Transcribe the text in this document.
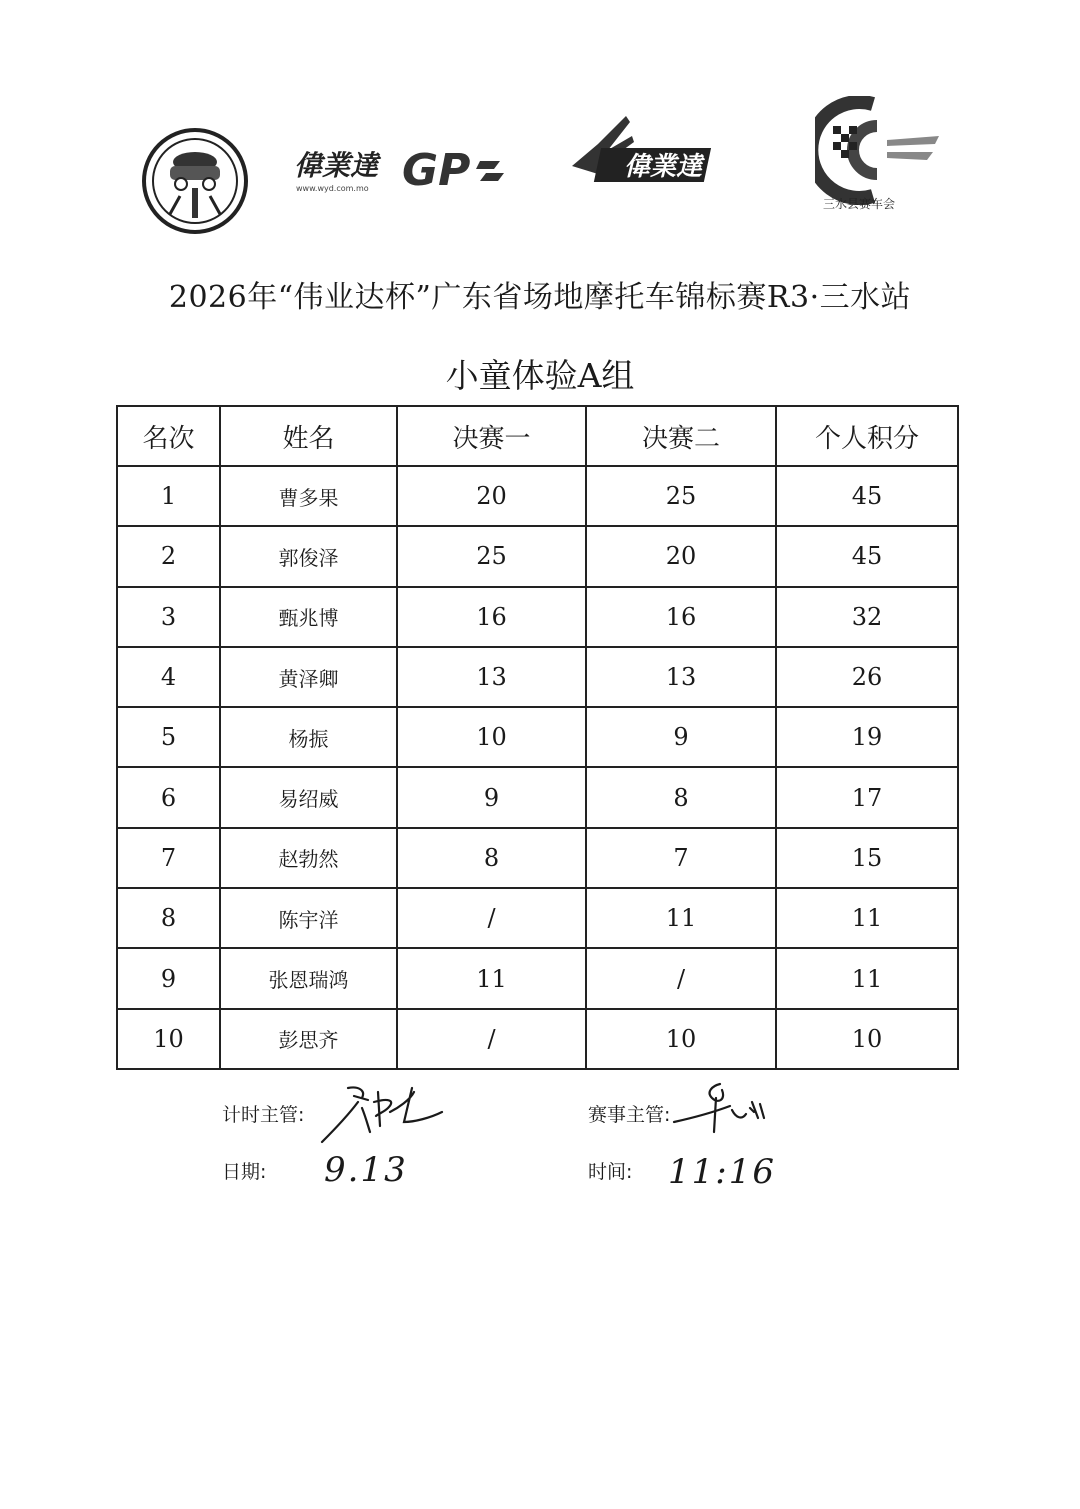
偉業達
www.wyd.com.mo GP	偉業達
三水县赛车会
2026年“伟业达杯”广东省场地摩托车锦标赛R3·三水站
小童体验A组
名次	姓名	决赛一	决赛二	个人积分
1	曹多果	20	25	45
2	郭俊泽	25	20	45
3	甄兆博	16	16	32
4	黄泽卿	13	13	26
5	杨振	10	9	19
6	易绍威	9	8	17
7	赵勃然	8	7	15
8	陈宇洋	/	11	11
9	张恩瑞鸿	11	/	11
10	彭思齐	/	10	10
计时主管:	赛事主管:
日期: 9.13	时间: 11:16
